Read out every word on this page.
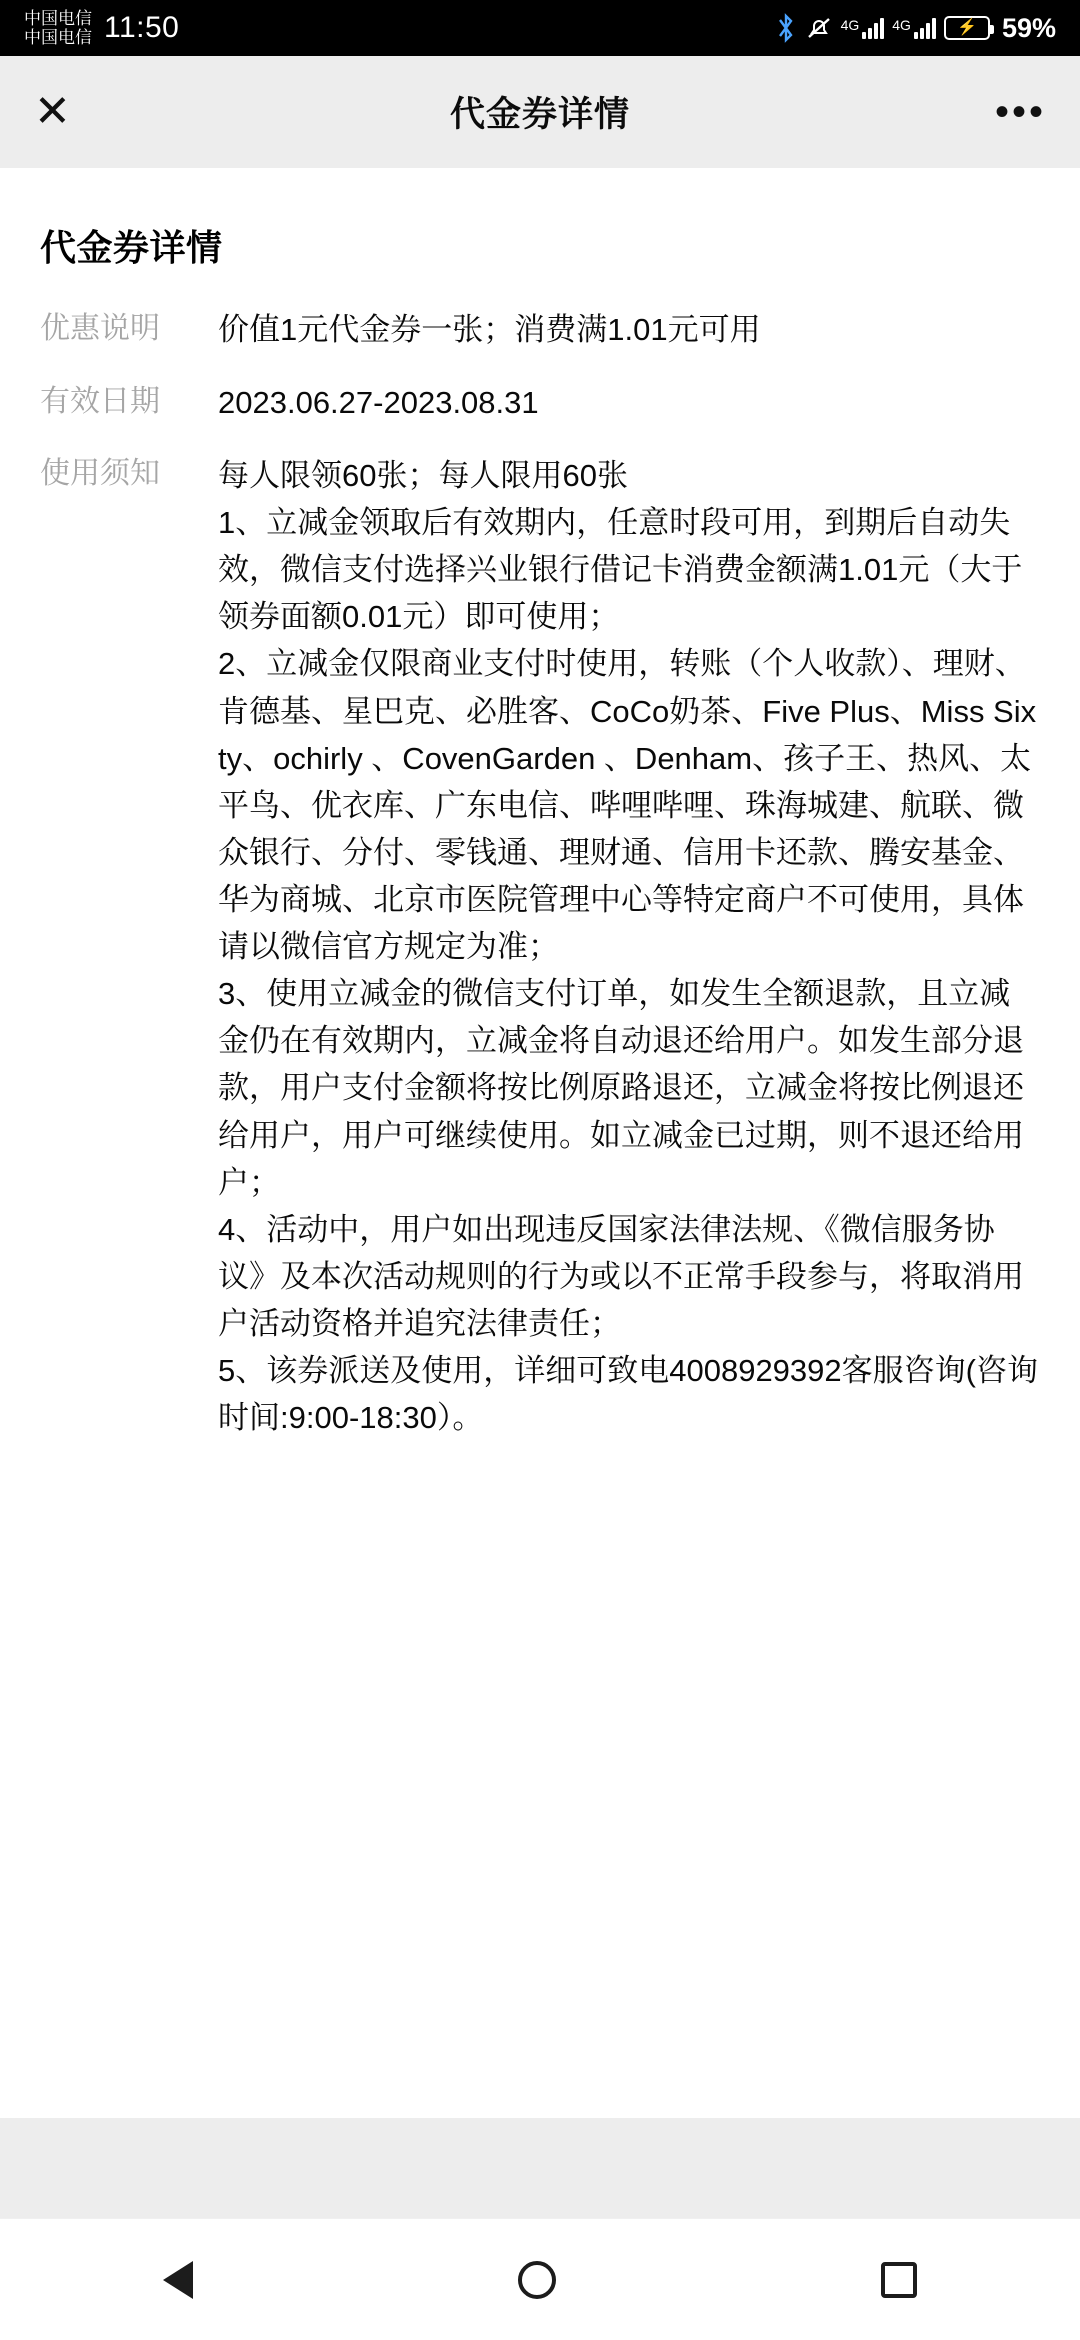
中国电信
中国电信 11:50	4G 4G	⚡ 59%
✕	代金券详情	•••
代金券详情
优惠说明	价值1元代金券一张；消费满1.01元可用
有效日期	2023.06.27-2023.08.31
使用须知	每人限领60张；每人限用60张

1、立减金领取后有效期内，任意时段可用，到期后自动失效，微信支付选择兴业银行借记卡消费金额满1.01元（大于领券面额0.01元）即可使用；

2、立减金仅限商业支付时使用，转账（个人收款）、理财、肯德基、星巴克、必胜客、CoCo奶茶、Five Plus、Miss Sixty、ochirly 、CovenGarden 、Denham、孩子王、热风、太平鸟、优衣库、广东电信、哔哩哔哩、珠海城建、航联、微众银行、分付、零钱通、理财通、信用卡还款、腾安基金、华为商城、北京市医院管理中心等特定商户不可使用，具体请以微信官方规定为准；

3、使用立减金的微信支付订单，如发生全额退款，且立减金仍在有效期内，立减金将自动退还给用户。如发生部分退款，用户支付金额将按比例原路退还，立减金将按比例退还给用户，用户可继续使用。如立减金已过期，则不退还给用户；

4、活动中，用户如出现违反国家法律法规、《微信服务协议》及本次活动规则的行为或以不正常手段参与，将取消用户活动资格并追究法律责任；

5、该券派送及使用，详细可致电4008929392客服咨询(咨询时间:9:00-18:30）。
